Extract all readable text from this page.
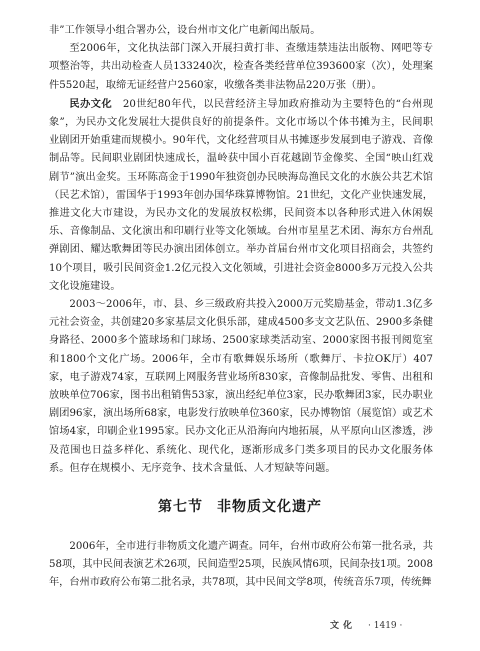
非”工作领导小组合署办公，设台州市文化广电新闻出版局。

至2006年，文化执法部门深入开展扫黄打非、查缴违禁违法出版物、网吧等专项整治等，共出动检查人员133240次，检查各类经营单位393600家（次），处理案件5520起，取缔无证经营户2560家，收缴各类非法物品220万张（册）。

民办文化　20世纪80年代，以民营经济主导加政府推动为主要特色的“台州现象”，为民办文化发展壮大提供良好的前提条件。文化市场以个体书摊为主，民间职业剧团开始重建而规模小。90年代，文化经营项目从书摊逐步发展到电子游戏、音像制品等。民间职业剧团快速成长，温岭获中国小百花越剧节金像奖、全国“映山红戏剧节”演出金奖。玉环陈高金于1990年独资创办民映海岛渔民文化的水族公共艺术馆（民艺术馆），雷国华于1993年创办国华珠算博物馆。21世纪，文化产业快速发展，推进文化大市建设，为民办文化的发展放权松绑，民间资本以各种形式进入休闲娱乐、音像制品、文化演出和印刷行业等文化领域。台州市星星艺术团、海东方台州乱弹剧团、耀达歌舞团等民办演出团体创立。举办首届台州市文化项目招商会，共签约10个项目，吸引民间资金1.2亿元投入文化领域，引进社会资金8000多万元投入公共文化设施建设。

2003～2006年，市、县、乡三级政府共投入2000万元奖励基金，带动1.3亿多元社会资金，共创建20多家基层文化俱乐部，建成4500多支文艺队伍、2900多条健身路径、2000多个篮球场和门球场、2500家球类活动室、2000家图书报刊阅览室和1800个文化广场。2006年，全市有歌舞娱乐场所（歌舞厅、卡拉OK厅）407家，电子游戏74家，互联网上网服务营业场所830家，音像制品批发、零售、出租和放映单位706家，图书出租销售53家，演出经纪单位3家，民办歌舞团3家，民办职业剧团96家，演出场所68家，电影发行放映单位360家，民办博物馆（展览馆）或艺术馆场4家，印刷企业1995家。民办文化正从沿海向内地拓展，从平原向山区渗透，涉及范围也日益多样化、系统化、现代化，逐渐形成多门类多项目的民办文化服务体系。但存在规模小、无序竞争、技术含量低、人才短缺等问题。

第七节 非物质文化遗产

2006年，全市进行非物质文化遗产调查。同年，台州市政府公布第一批名录，共58项，其中民间表演艺术26项，民间造型25项，民族风情6项，民间杂技1项。2008年，台州市政府公布第二批名录，共78项，其中民间文学8项，传统音乐7项，传统舞

文化 · 1419 ·
